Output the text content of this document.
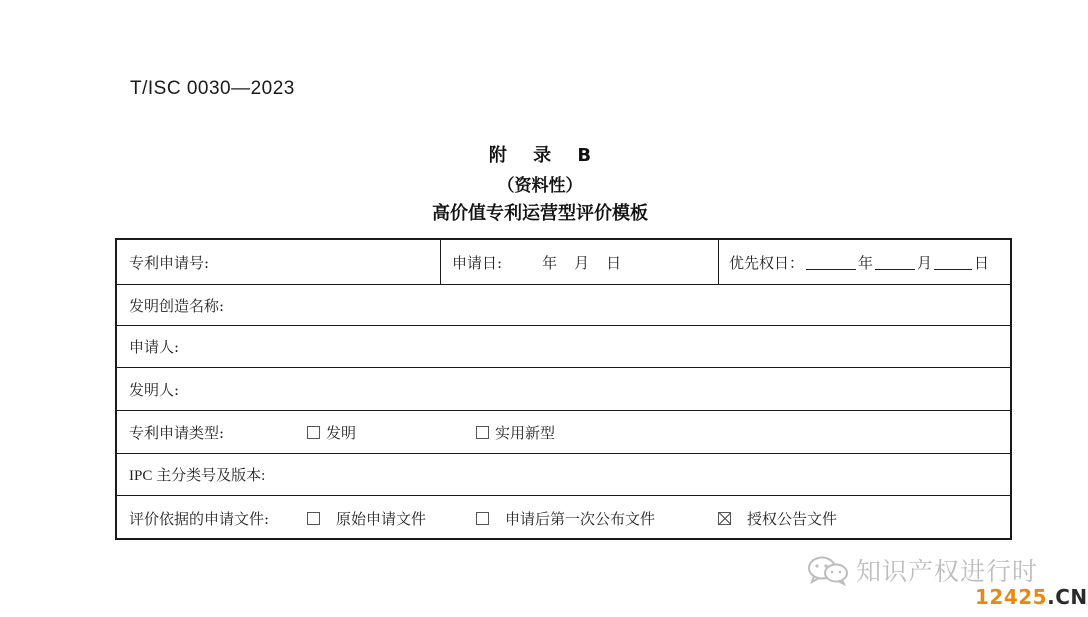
T/ISC 0030—2023
附 录 B
（资料性）
高价值专利运营型评价模板
专利申请号:	申请日:	年 月 日	优先权日：	年	月	日
发明创造名称:
申请人:
发明人:
专利申请类型:	发明	实用新型
IPC 主分类号及版本:
评价依据的申请文件:	原始申请文件	申请后第一次公布文件	授权公告文件
知识产权进行时
12425.CN
